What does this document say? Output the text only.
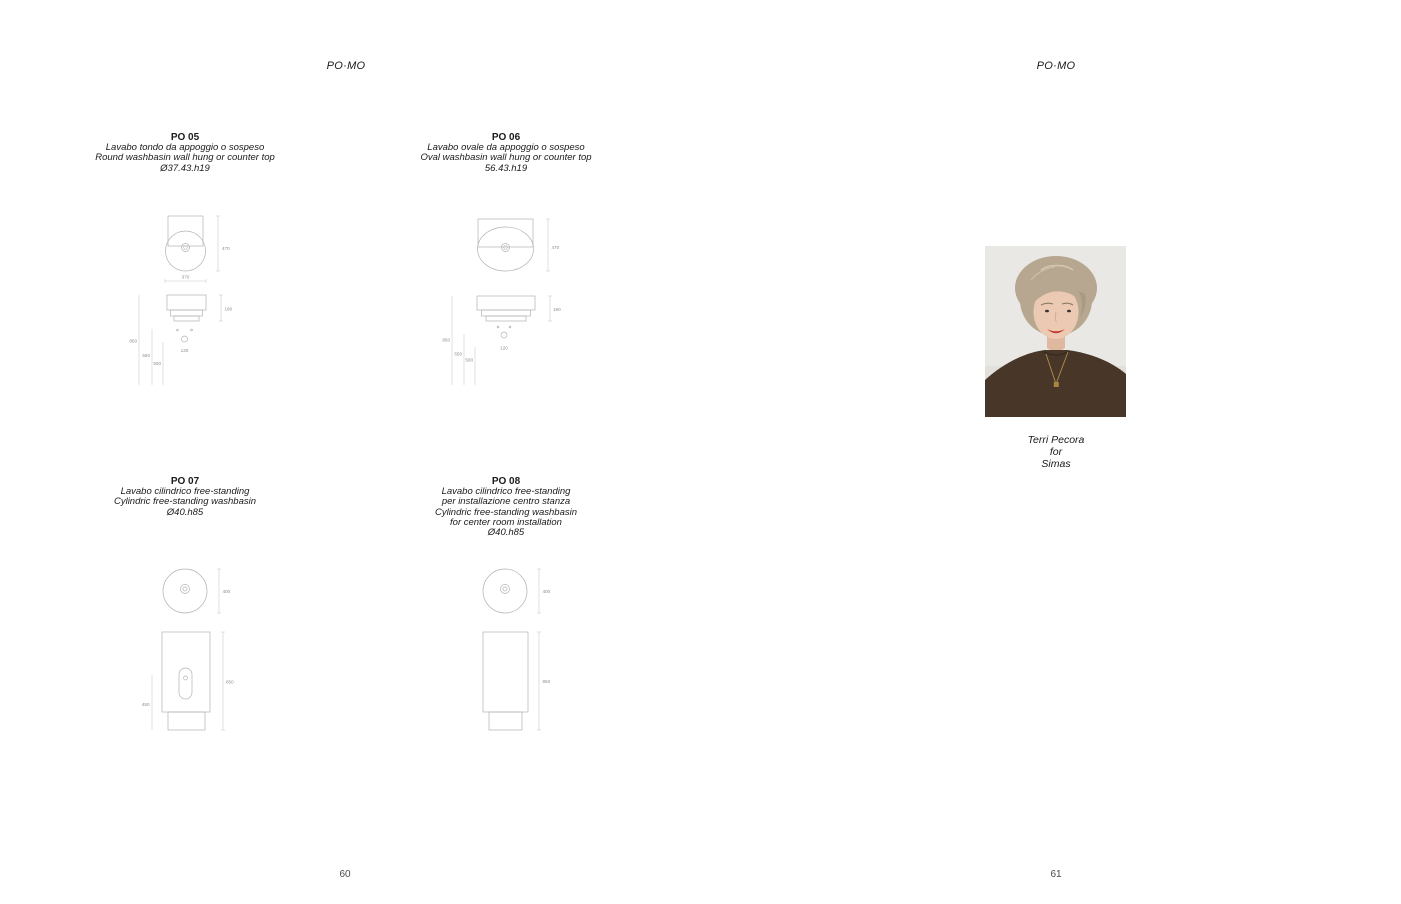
PO·MO
PO 05
Lavabo tondo da appoggio o sospeso
Round washbasin wall hung or counter top
Ø37.43.h19
PO 06
Lavabo ovale da appoggio o sospeso
Oval washbasin wall hung or counter top
56.43.h19
PO 07
Lavabo cilindrico free-standing
Cylindric free-standing washbasin
Ø40.h85
PO 08
Lavabo cilindrico free-standing
per installazione centro stanza
Cylindric free-standing washbasin
for center room installation
Ø40.h85
470
370
190
120
850
550
500
470
190
120
850
550
500
400
850
450
400
850
60
PO·MO
Terri Pecora
for
Simas
61
